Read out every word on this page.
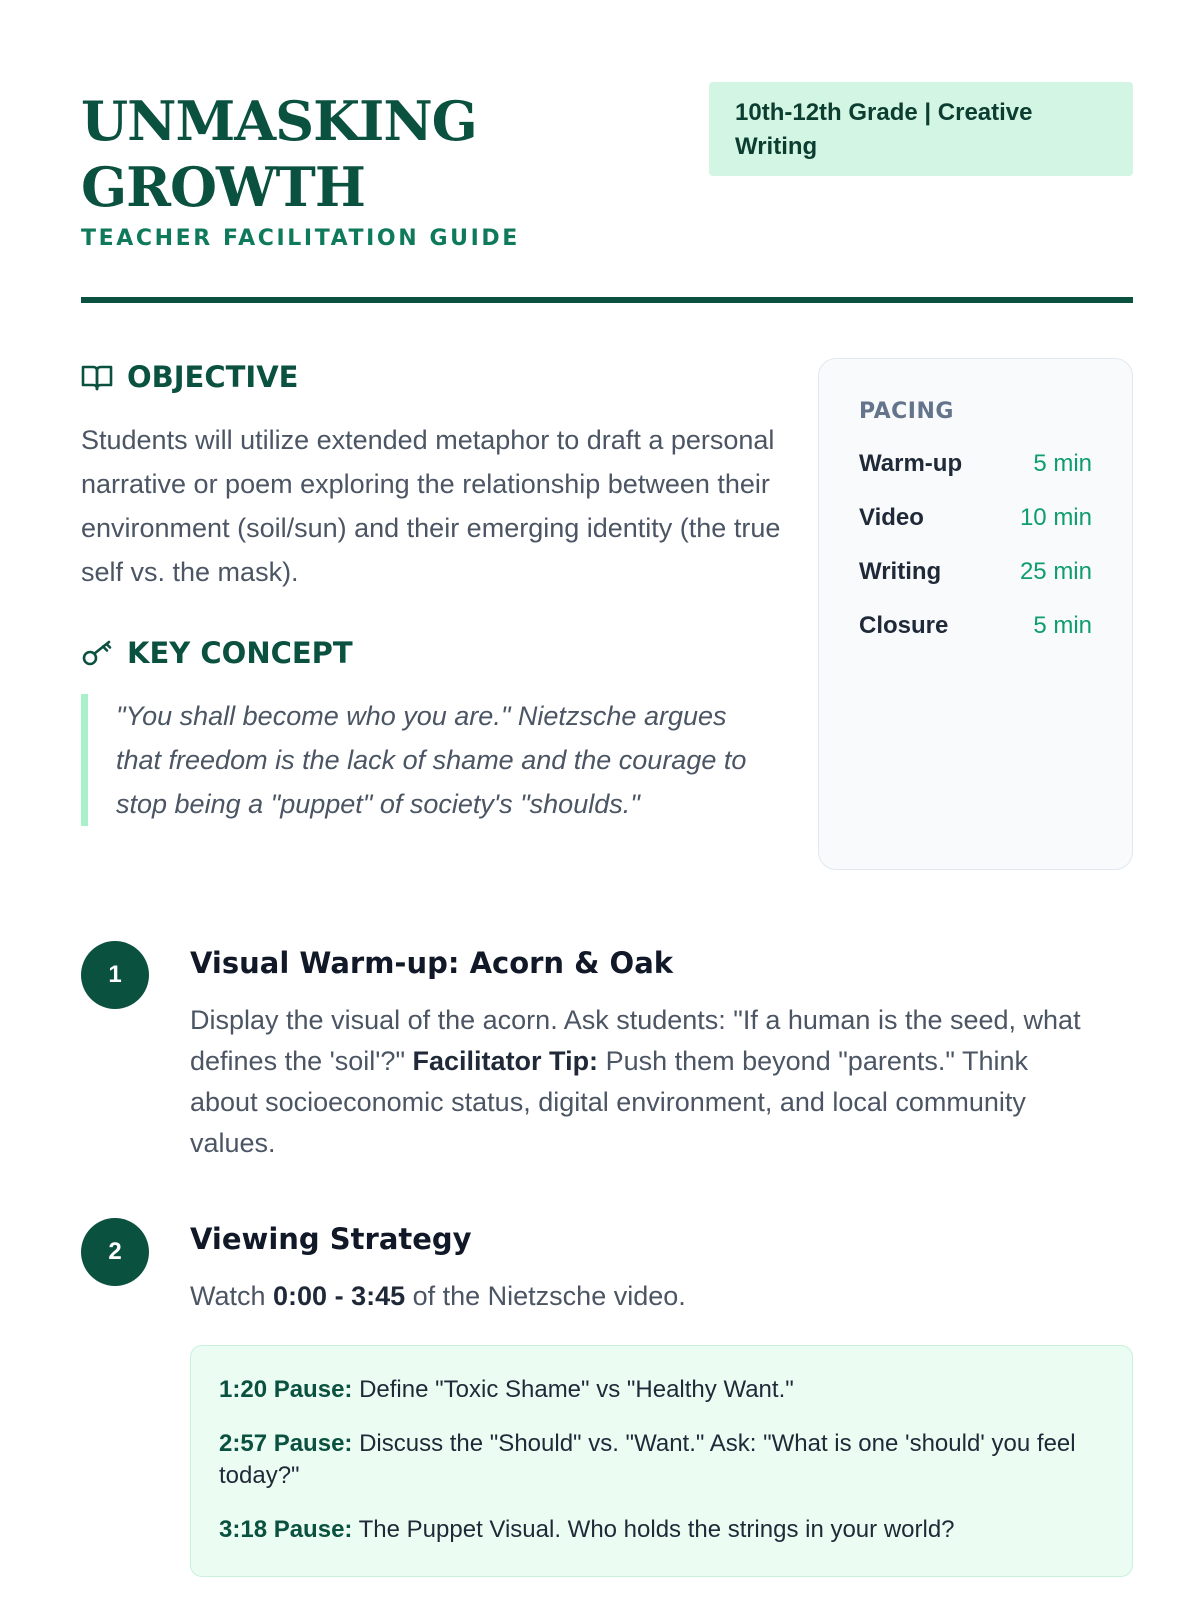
UNMASKING
GROWTH
TEACHER FACILITATION GUIDE
10th-12th Grade | Creative Writing
OBJECTIVE

Students will utilize extended metaphor to draft a personal narrative or poem exploring the relationship between their environment (soil/sun) and their emerging identity (the true self vs. the mask).

KEY CONCEPT
"You shall become who you are." Nietzsche argues that freedom is the lack of shame and the courage to stop being a "puppet" of society's "shoulds."
PACING
Warm-up	5 min
Video	10 min
Writing	25 min
Closure	5 min
1	Visual Warm-up: Acorn & Oak

Display the visual of the acorn. Ask students: "If a human is the seed, what defines the 'soil'?" Facilitator Tip: Push them beyond "parents." Think about socioeconomic status, digital environment, and local community values.

2	Viewing Strategy

Watch 0:00 - 3:45 of the Nietzsche video.

1:20 Pause: Define "Toxic Shame" vs "Healthy Want."
2:57 Pause: Discuss the "Should" vs. "Want." Ask: "What is one 'should' you feel today?"
3:18 Pause: The Puppet Visual. Who holds the strings in your world?
